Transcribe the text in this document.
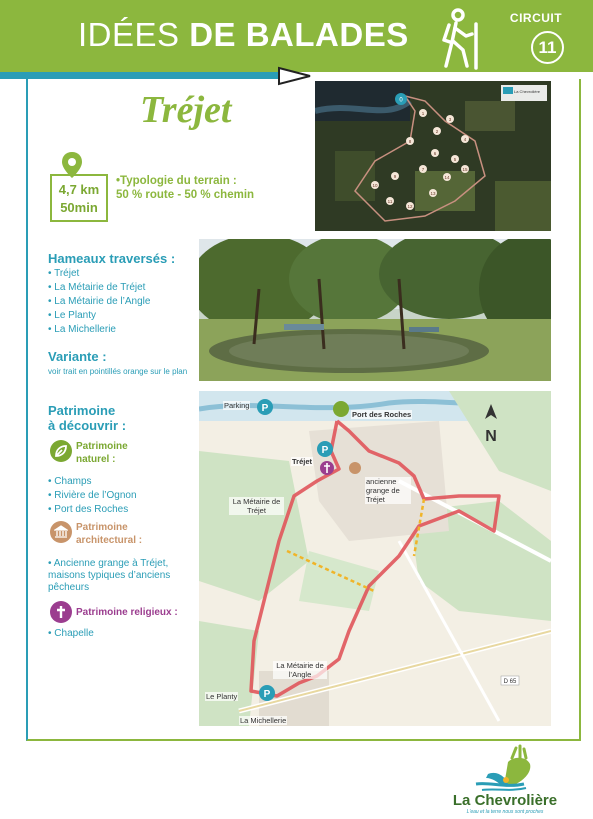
IDÉES DE BALADES	CIRCUIT
11
Tréjet
4,7 km
50min
• Typologie du terrain :
50 % route - 50 % chemin
Hameaux traversés :
• Tréjet
• La Métairie de Tréjet
• La Métairie de l’Angle
• Le Planty
• La Michellerie
Variante :
voir trait en pointillés orange sur le plan
Patrimoine
à découvrir :
Patrimoine
naturel :
• Champs
• Rivière de l’Ognon
• Port des Roches
Patrimoine
architectural :
• Ancienne grange à Tréjet, maisons typiques d’anciens pêcheurs
Patrimoine religieux :
• Chapelle
La Chevrolière
0
1
2
3
4
5
6
7
8
9
10
11
12
13
14
15
P
P
P
N
D 65
Parking
Port des Roches
Tréjet
ancienne grange de Tréjet
La Métairie de Tréjet
La Métairie de l’Angle
Le Planty
La Michellerie
La Chevrolière
L'eau et la terre nous sont proches
